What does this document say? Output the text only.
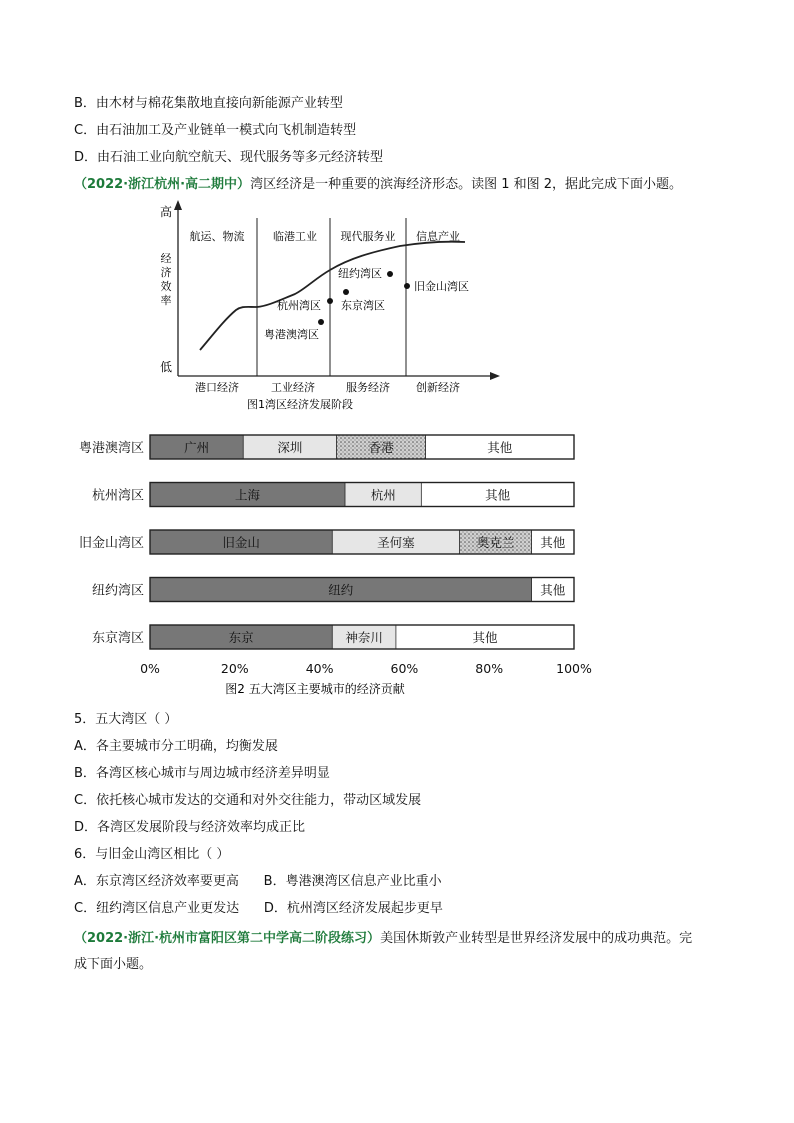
B．由木材与棉花集散地直接向新能源产业转型
C．由石油加工及产业链单一模式向飞机制造转型
D．由石油工业向航空航天、现代服务等多元经济转型
（2022·浙江杭州·高二期中）湾区经济是一种重要的滨海经济形态。读图 1 和图 2，据此完成下面小题。
高
低
经
济
效
率
航运、物流	临港工业 现代服务业 信息产业
纽约湾区
旧金山湾区
杭州湾区 东京湾区
粤港澳湾区
港口经济	工业经济	服务经济 创新经济
图1湾区经济发展阶段
粤港澳湾区	广州	深圳	香港	其他
杭州湾区	上海	杭州	其他
旧金山湾区	旧金山	圣何塞	奥克兰 其他
纽约湾区	纽约	其他
东京湾区	东京	神奈川	其他
0%	20%	40%	60%	80%	100%
图2 五大湾区主要城市的经济贡献
5．五大湾区（ ）
A．各主要城市分工明确，均衡发展
B．各湾区核心城市与周边城市经济差异明显
C．依托核心城市发达的交通和对外交往能力，带动区域发展
D．各湾区发展阶段与经济效率均成正比
6．与旧金山湾区相比（ ）
A．东京湾区经济效率要更高      B．粤港澳湾区信息产业比重小
C．纽约湾区信息产业更发达      D．杭州湾区经济发展起步更早
（2022·浙江·杭州市富阳区第二中学高二阶段练习）美国休斯敦产业转型是世界经济发展中的成功典范。完
成下面小题。
